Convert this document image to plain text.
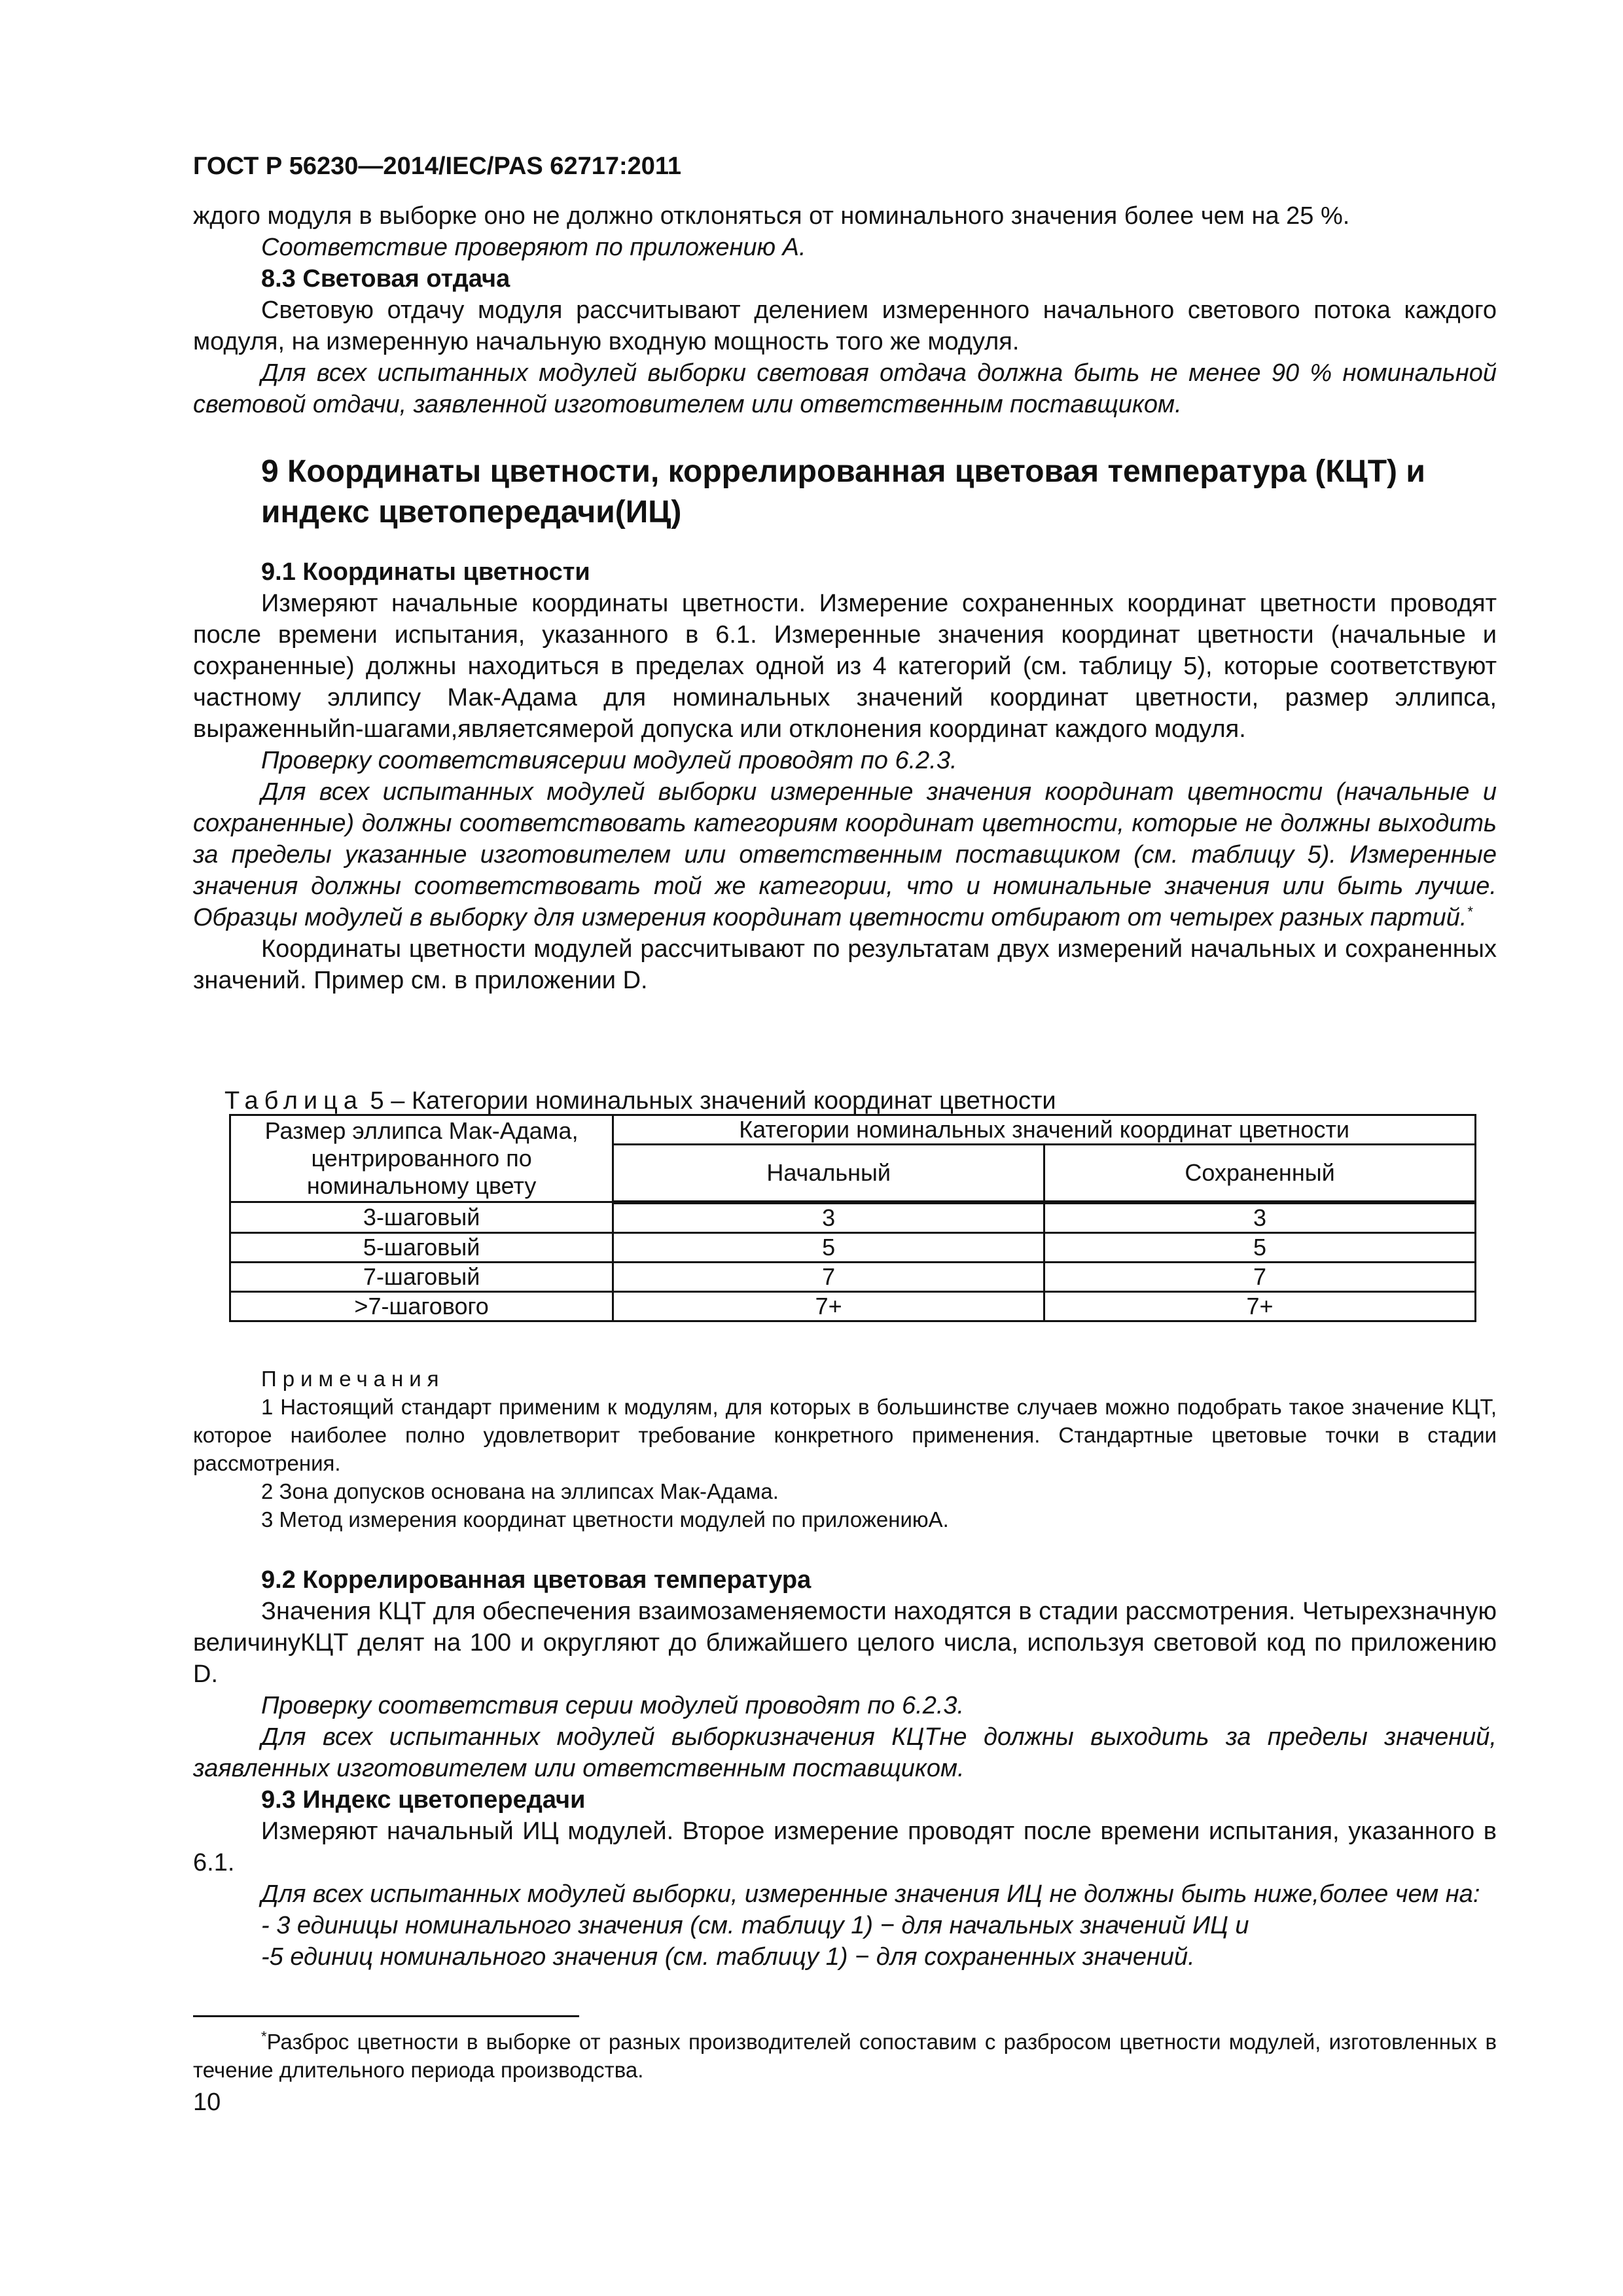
ГОСТ Р 56230—2014/IEC/PAS 62717:2011

ждого модуля в выборке оно не должно отклоняться от номинального значения более чем на 25 %.

Соответствие проверяют по приложению А.

8.3 Световая отдача

Световую отдачу модуля рассчитывают делением измеренного начального светового потока каждого модуля, на измеренную начальную входную мощность того же модуля.

Для всех испытанных модулей выборки световая отдача должна быть не менее 90 % номинальной световой отдачи, заявленной изготовителем или ответственным поставщиком.

9 Координаты цветности, коррелированная цветовая температура (КЦТ) и индекс цветопередачи(ИЦ)

9.1 Координаты цветности

Измеряют начальные координаты цветности. Измерение сохраненных координат цветности проводят после времени испытания, указанного в 6.1. Измеренные значения координат цветности (начальные и сохраненные) должны находиться в пределах одной из 4 категорий (см. таблицу 5), которые соответствуют частному эллипсу Мак-Адама для номинальных значений координат цветности, размер эллипса, выраженныйn-шагами,являетсямерой допуска или отклонения координат каждого модуля.

Проверку соответствиясерии модулей проводят по 6.2.3.

Для всех испытанных модулей выборки измеренные значения координат цветности (начальные и сохраненные) должны соответствовать категориям координат цветности, которые не должны выходить за пределы указанные изготовителем или ответственным поставщиком (см. таблицу 5). Измеренные значения должны соответствовать той же категории, что и номинальные значения или быть лучше. Образцы модулей в выборку для измерения координат цветности отбирают от четырех разных партий.*

Координаты цветности модулей рассчитывают по результатам двух измерений начальных и сохраненных значений. Пример см. в приложении D.

Таблица 5 – Категории номинальных значений координат цветности
Размер эллипса Мак-Адама, центрированного по номинальному цвету	Категории номинальных значений координат цветности	
	Начальный	Сохраненный
3-шаговый	3	3
5-шаговый	5	5
7-шаговый	7	7
>7-шагового	7+	7+

Примечания

1 Настоящий стандарт применим к модулям, для которых в большинстве случаев можно подобрать такое значение КЦТ, которое наиболее полно удовлетворит требование конкретного применения. Стандартные цветовые точки в стадии рассмотрения.

2 Зона допусков основана на эллипсах Мак-Адама.

3 Метод измерения координат цветности модулей по приложениюА.

9.2 Коррелированная цветовая температура

Значения КЦТ для обеспечения взаимозаменяемости находятся в стадии рассмотрения. Четырехзначную величинуКЦТ делят на 100 и округляют до ближайшего целого числа, используя световой код по приложению D.

Проверку соответствия серии модулей проводят по 6.2.3.

Для всех испытанных модулей выборкизначения КЦТне должны выходить за пределы значений, заявленных изготовителем или ответственным поставщиком.

9.3 Индекс цветопередачи

Измеряют начальный ИЦ модулей. Второе измерение проводят после времени испытания, указанного в 6.1.

Для всех испытанных модулей выборки, измеренные значения ИЦ не должны быть ниже,более чем на:

- 3 единицы номинального значения (см. таблицу 1) − для начальных значений ИЦ и

-5 единиц номинального значения (см. таблицу 1) − для сохраненных значений.

*Разброс цветности в выборке от разных производителей сопоставим с разбросом цветности модулей, изготовленных в течение длительного периода производства.

10
